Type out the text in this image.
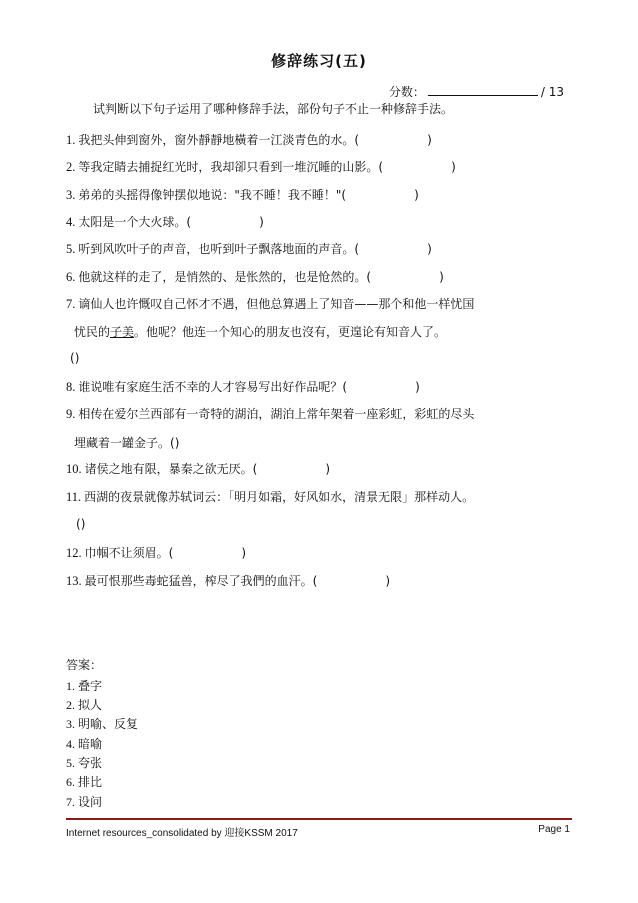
修辞练习(五)
分数：	/ 13
试判断以下句子运用了哪种修辞手法，部份句子不止一种修辞手法。
1. 我把头伸到窗外，窗外靜靜地橫着一江淡青色的水。(	)
2. 等我定睛去捕捉红光时，我却卻只看到一堆沉睡的山影。(	)
3. 弟弟的头摇得像钟摆似地说："我不睡！我不睡！"(	)
4. 太阳是一个大火球。(	)
5. 听到风吹叶子的声音，也听到叶子飘落地面的声音。(	)
6. 他就这样的走了，是悄然的、是怅然的，也是怆然的。(	)
7. 谪仙人也许慨叹自己怀才不遇，但他总算遇上了知音——那个和他一样忧国
忧民的子美。他呢？他连一个知心的朋友也沒有，更遑论有知音人了。
()
8. 谁说唯有家庭生活不幸的人才容易写出好作品呢？(	)
9. 相传在爱尔兰西部有一奇特的湖泊，湖泊上常年架着一座彩虹，彩虹的尽头
埋藏着一罐金子。()
10. 诸侯之地有限，暴秦之欲无厌。(	)
11. 西湖的夜景就像苏轼词云：「明月如霜，好风如水，清景无限」那样动人。
()
12. 巾帼不让须眉。(	)
13. 最可恨那些毒蛇猛兽，榨尽了我們的血汗。(	)
答案：
1. 叠字
2. 拟人
3. 明喻、反复
4. 暗喻
5. 夸张
6. 排比
7. 设问
Internet resources_consolidated by 迎接KSSM 2017	Page 1
